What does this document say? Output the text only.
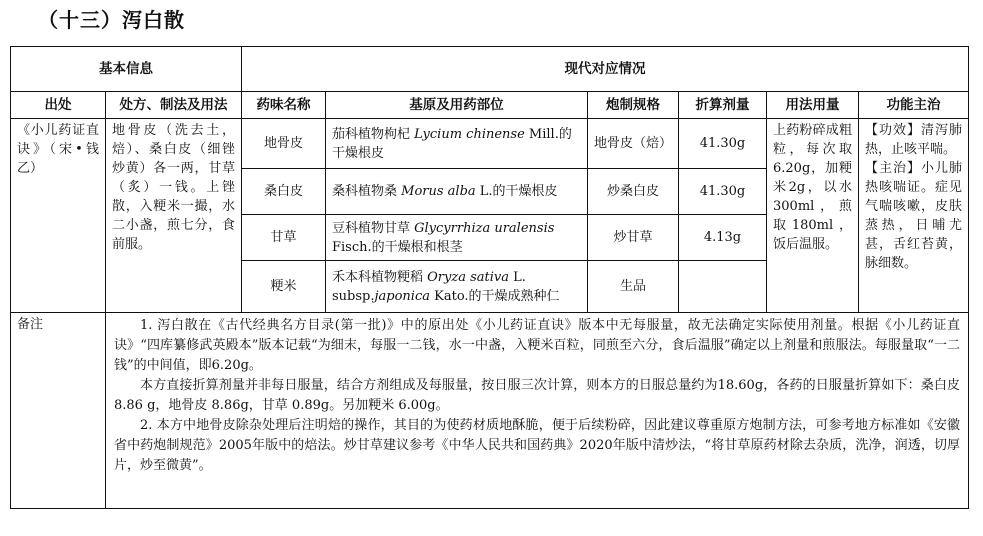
（十三）泻白散
基本信息		现代对应情况					
出处	处方、制法及用法	药味名称	基原及用药部位	炮制规格	折算剂量	用法用量	功能主治
《小儿药证直诀》（宋•钱乙）	地骨皮（洗去土，焙）、桑白皮（细锉炒黄）各一两，甘草（炙）一钱。上锉散，入粳米一撮，水二小盏，煎七分，食前服。	地骨皮	茄科植物枸杞 Lycium chinense Mill.的干燥根皮	地骨皮（焙）	41.30g	上药粉碎成粗粒，每次取6.20g，加粳米2g，以水300ml，煎取180ml，饭后温服。	【功效】清泻肺热，止咳平喘。
【主治】小儿肺热咳喘证。症见气喘咳嗽，皮肤蒸热，日晡尤甚，舌红苔黄，脉细数。

		桑白皮	桑科植物桑 Morus alba L.的干燥根皮	炒桑白皮	41.30g		
		甘草	豆科植物甘草 Glycyrrhiza uralensis Fisch.的干燥根和根茎	炒甘草	4.13g		
		粳米	禾本科植物粳稻 Oryza sativa L. subsp.japonica Kato.的干燥成熟种仁	生品			
备注	1. 泻白散在《古代经典名方目录(第一批)》中的原出处《小儿药证直诀》版本中无每服量，故无法确定实际使用剂量。根据《小儿药证直诀》“四库纂修武英殿本”版本记载“为细末，每服一二钱，水一中盏，入粳米百粒，同煎至六分，食后温服”确定以上剂量和煎服法。每服量取“一二钱”的中间值，即6.20g。

本方直接折算剂量并非每日服量，结合方剂组成及每服量，按日服三次计算，则本方的日服总量约为18.60g，各药的日服量折算如下：桑白皮 8.86 g，地骨皮 8.86g，甘草 0.89g。另加粳米 6.00g。

2. 本方中地骨皮除杂处理后注明焙的操作，其目的为使药材质地酥脆，便于后续粉碎，因此建议尊重原方炮制方法，可参考地方标准如《安徽省中药炮制规范》2005年版中的焙法。炒甘草建议参考《中华人民共和国药典》2020年版中清炒法，“将甘草原药材除去杂质，洗净，润透，切厚片，炒至微黄”。						
